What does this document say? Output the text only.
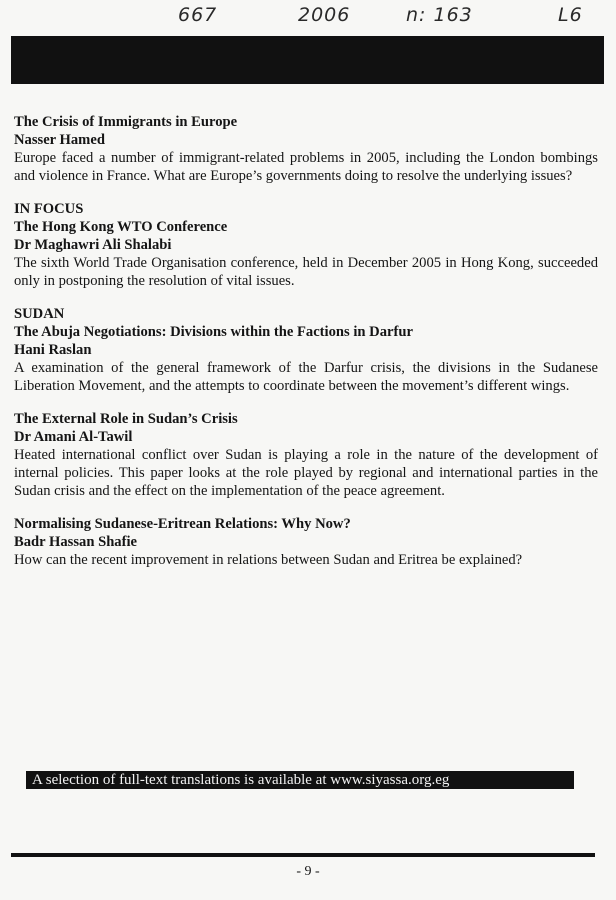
667	2006	n: 163	L6
The Crisis of Immigrants in Europe
Nasser Hamed
Europe faced a number of immigrant-related problems in 2005, including the London bombings and violence in France. What are Europe’s governments doing to resolve the underlying issues?
IN FOCUS
The Hong Kong WTO Conference
Dr Maghawri Ali Shalabi
The sixth World Trade Organisation conference, held in December 2005 in Hong Kong, succeeded only in postponing the resolution of vital issues.
SUDAN
The Abuja Negotiations: Divisions within the Factions in Darfur
Hani Raslan
A examination of the general framework of the Darfur crisis, the divisions in the Sudanese Liberation Movement, and the attempts to coordinate between the movement’s different wings.
The External Role in Sudan’s Crisis
Dr Amani Al-Tawil
Heated international conflict over Sudan is playing a role in the nature of the development of internal policies. This paper looks at the role played by regional and international parties in the Sudan crisis and the effect on the implementation of the peace agreement.
Normalising Sudanese-Eritrean Relations: Why Now?
Badr Hassan Shafie
How can the recent improvement in relations between Sudan and Eritrea be explained?
A selection of full-text translations is available at www.siyassa.org.eg
- 9 -
